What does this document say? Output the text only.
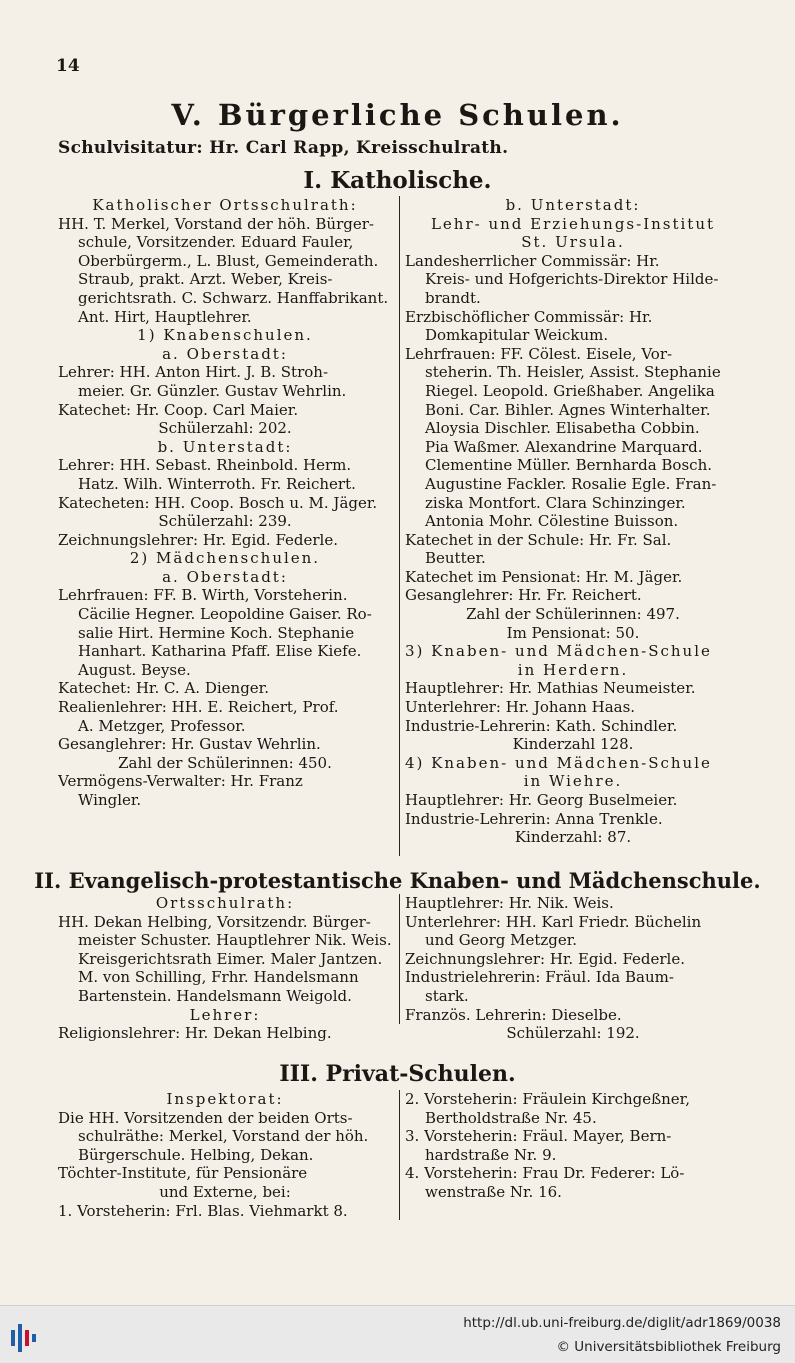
14
V. Bürgerliche Schulen.
Schulvisitatur: Hr. Carl Rapp, Kreisschulrath.
I. Katholische.
Katholischer Ortsschulrath:
HH. T. Merkel, Vorstand der höh. Bürger-
schule, Vorsitzender. Eduard Fauler,
Oberbürgerm., L. Blust, Gemeinderath.
Straub, prakt. Arzt. Weber, Kreis-
gerichtsrath. C. Schwarz. Hanffabrikant.
Ant. Hirt, Hauptlehrer.
1) Knabenschulen.
a. Oberstadt:
Lehrer: HH. Anton Hirt. J. B. Stroh-
meier. Gr. Günzler. Gustav Wehrlin.
Katechet: Hr. Coop. Carl Maier.
Schülerzahl: 202.
b. Unterstadt:
Lehrer: HH. Sebast. Rheinbold. Herm.
Hatz. Wilh. Winterroth. Fr. Reichert.
Katecheten: HH. Coop. Bosch u. M. Jäger.
Schülerzahl: 239.
Zeichnungslehrer: Hr. Egid. Federle.
2) Mädchenschulen.
a. Oberstadt:
Lehrfrauen: FF. B. Wirth, Vorsteherin.
Cäcilie Hegner. Leopoldine Gaiser. Ro-
salie Hirt. Hermine Koch. Stephanie
Hanhart. Katharina Pfaff. Elise Kiefe.
August. Beyse.
Katechet: Hr. C. A. Dienger.
Realienlehrer: HH. E. Reichert, Prof.
A. Metzger, Professor.
Gesanglehrer: Hr. Gustav Wehrlin.
Zahl der Schülerinnen: 450.
Vermögens-Verwalter: Hr. Franz
Wingler.
b. Unterstadt:
Lehr- und Erziehungs-Institut
St. Ursula.
Landesherrlicher Commissär: Hr.
Kreis- und Hofgerichts-Direktor Hilde-
brandt.
Erzbischöflicher Commissär: Hr.
Domkapitular Weickum.
Lehrfrauen: FF. Cölest. Eisele, Vor-
steherin. Th. Heisler, Assist. Stephanie
Riegel. Leopold. Grießhaber. Angelika
Boni. Car. Bihler. Agnes Winterhalter.
Aloysia Dischler. Elisabetha Cobbin.
Pia Waßmer. Alexandrine Marquard.
Clementine Müller. Bernharda Bosch.
Augustine Fackler. Rosalie Egle. Fran-
ziska Montfort. Clara Schinzinger.
Antonia Mohr. Cölestine Buisson.
Katechet in der Schule: Hr. Fr. Sal.
Beutter.
Katechet im Pensionat: Hr. M. Jäger.
Gesanglehrer: Hr. Fr. Reichert.
Zahl der Schülerinnen: 497.
Im Pensionat: 50.
3) Knaben- und Mädchen-Schule
in Herdern.
Hauptlehrer: Hr. Mathias Neumeister.
Unterlehrer: Hr. Johann Haas.
Industrie-Lehrerin: Kath. Schindler.
Kinderzahl 128.
4) Knaben- und Mädchen-Schule
in Wiehre.
Hauptlehrer: Hr. Georg Buselmeier.
Industrie-Lehrerin: Anna Trenkle.
Kinderzahl: 87.
II. Evangelisch-protestantische Knaben- und Mädchenschule.
Ortsschulrath:
HH. Dekan Helbing, Vorsitzendr. Bürger-
meister Schuster. Hauptlehrer Nik. Weis.
Kreisgerichtsrath Eimer. Maler Jantzen.
M. von Schilling, Frhr. Handelsmann
Bartenstein. Handelsmann Weigold.
Lehrer:
Religionslehrer: Hr. Dekan Helbing.
Hauptlehrer: Hr. Nik. Weis.
Unterlehrer: HH. Karl Friedr. Büchelin
und Georg Metzger.
Zeichnungslehrer: Hr. Egid. Federle.
Industrielehrerin: Fräul. Ida Baum-
stark.
Französ. Lehrerin: Dieselbe.
Schülerzahl: 192.
III. Privat-Schulen.
Inspektorat:
Die HH. Vorsitzenden der beiden Orts-
schulräthe: Merkel, Vorstand der höh.
Bürgerschule. Helbing, Dekan.
Töchter-Institute, für Pensionäre
und Externe, bei:
1. Vorsteherin: Frl. Blas. Viehmarkt 8.
2. Vorsteherin: Fräulein Kirchgeßner,
Bertholdstraße Nr. 45.
3. Vorsteherin: Fräul. Mayer, Bern-
hardstraße Nr. 9.
4. Vorsteherin: Frau Dr. Federer: Lö-
wenstraße Nr. 16.
http://dl.ub.uni-freiburg.de/diglit/adr1869/0038
© Universitätsbibliothek Freiburg
